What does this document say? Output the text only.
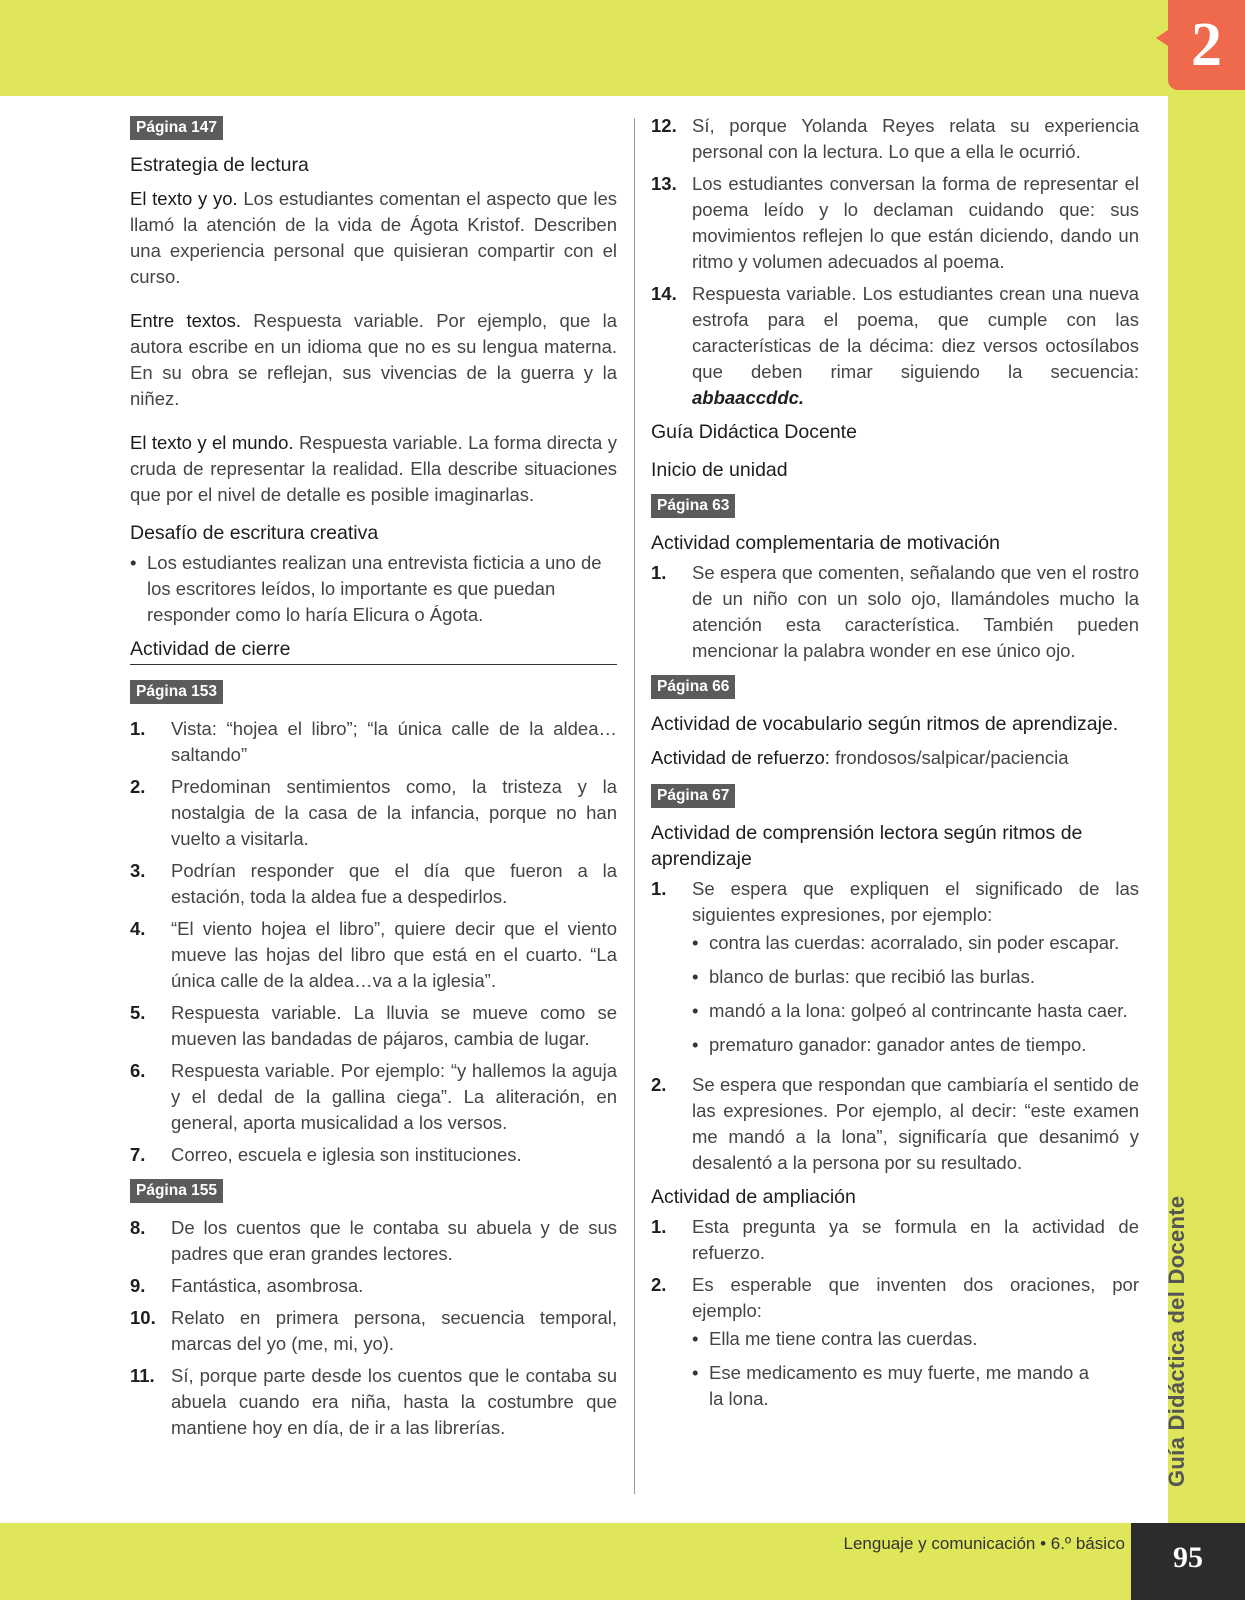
2
Guía Didáctica del Docente
Lenguaje y comunicación • 6.º básico	95
Página 147
Estrategia de lectura

El texto y yo. Los estudiantes comentan el aspecto que les llamó la atención de la vida de Ágota Kristof. Describen una experiencia personal que quisieran compartir con el curso.

Entre textos. Respuesta variable. Por ejemplo, que la autora escribe en un idioma que no es su lengua materna. En su obra se reflejan, sus vivencias de la guerra y la niñez.

El texto y el mundo. Respuesta variable. La forma directa y cruda de representar la realidad. Ella describe situaciones que por el nivel de detalle es posible imaginarlas.

Desafío de escritura creativa
• Los estudiantes realizan una entrevista ficticia a uno de los escritores leídos, lo importante es que puedan responder como lo haría Elicura o Ágota.
Actividad de cierre
Página 153
1.	Vista: “hojea el libro”; “la única calle de la aldea… saltando”
2.	Predominan sentimientos como, la tristeza y la nostalgia de la casa de la infancia, porque no han vuelto a visitarla.
3.	Podrían responder que el día que fueron a la estación, toda la aldea fue a despedirlos.
4.	“El viento hojea el libro”, quiere decir que el viento mueve las hojas del libro que está en el cuarto. “La única calle de la aldea…va a la iglesia”.
5.	Respuesta variable. La lluvia se mueve como se mueven las bandadas de pájaros, cambia de lugar.
6.	Respuesta variable. Por ejemplo: “y hallemos la aguja y el dedal de la gallina ciega”. La aliteración, en general, aporta musicalidad a los versos.
7.	Correo, escuela e iglesia son instituciones.
Página 155
8.	De los cuentos que le contaba su abuela y de sus padres que eran grandes lectores.
9.	Fantástica, asombrosa.
10. Relato en primera persona, secuencia temporal, marcas del yo (me, mi, yo).
11. Sí, porque parte desde los cuentos que le contaba su abuela cuando era niña, hasta la costumbre que mantiene hoy en día, de ir a las librerías.
12. Sí, porque Yolanda Reyes relata su experiencia personal con la lectura. Lo que a ella le ocurrió.
13. Los estudiantes conversan la forma de representar el poema leído y lo declaman cuidando que: sus movimientos reflejen lo que están diciendo, dando un ritmo y volumen adecuados al poema.
14. Respuesta variable. Los estudiantes crean una nueva estrofa para el poema, que cumple con las características de la décima: diez versos octosílabos que deben rimar siguiendo la secuencia: abbaaccddc.
Guía Didáctica Docente
Inicio de unidad
Página 63
Actividad complementaria de motivación
1.	Se espera que comenten, señalando que ven el rostro de un niño con un solo ojo, llamándoles mucho la atención esta característica. También pueden mencionar la palabra wonder en ese único ojo.
Página 66
Actividad de vocabulario según ritmos de aprendizaje.

Actividad de refuerzo: frondosos/salpicar/paciencia

Página 67
Actividad de comprensión lectora según ritmos de aprendizaje
1.	Se espera que expliquen el significado de las siguientes expresiones, por ejemplo:
• contra las cuerdas: acorralado, sin poder escapar.
• blanco de burlas: que recibió las burlas.
• mandó a la lona: golpeó al contrincante hasta caer.
• prematuro ganador: ganador antes de tiempo.
2.	Se espera que respondan que cambiaría el sentido de las expresiones. Por ejemplo, al decir: “este examen me mandó a la lona”, significaría que desanimó y desalentó a la persona por su resultado.
Actividad de ampliación
1.	Esta pregunta ya se formula en la actividad de refuerzo.
2.	Es esperable que inventen dos oraciones, por ejemplo:
• Ella me tiene contra las cuerdas.
• Ese medicamento es muy fuerte, me mando a la lona.
